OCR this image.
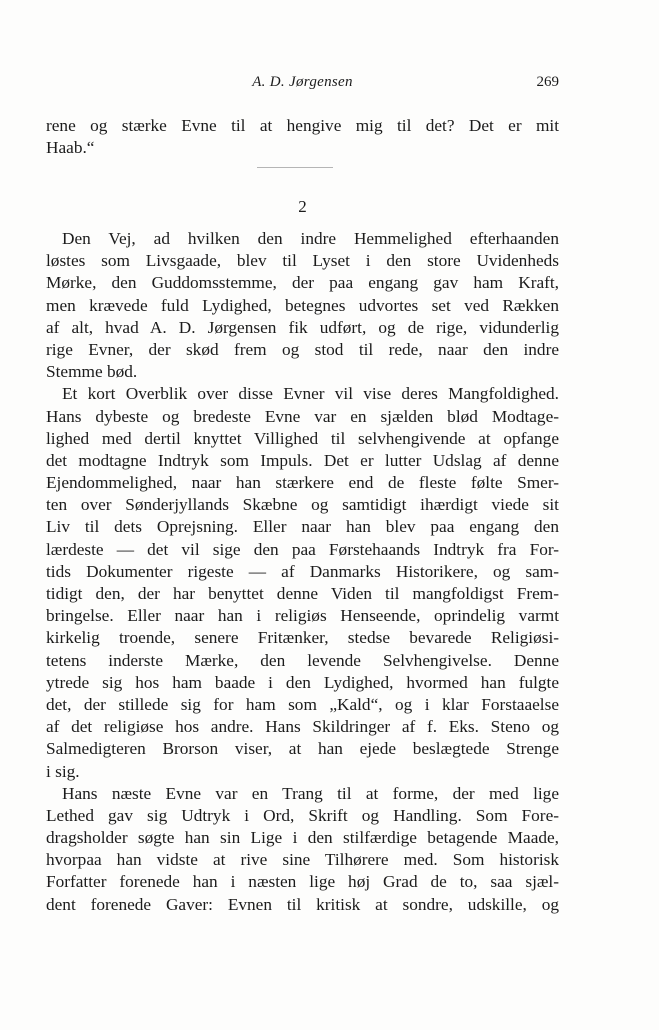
A. D. Jørgensen	269
rene og stærke Evne til at hengive mig til det? Det er mit
Haab.“
2
Den Vej, ad hvilken den indre Hemmelighed efterhaanden
løstes som Livsgaade, blev til Lyset i den store Uvidenheds
Mørke, den Guddomsstemme, der paa engang gav ham Kraft,
men krævede fuld Lydighed, betegnes udvortes set ved Rækken
af alt, hvad A. D. Jørgensen fik udført, og de rige, vidunderlig
rige Evner, der skød frem og stod til rede, naar den indre
Stemme bød.
Et kort Overblik over disse Evner vil vise deres Mangfoldighed.
Hans dybeste og bredeste Evne var en sjælden blød Modtage-
lighed med dertil knyttet Villighed til selvhengivende at opfange
det modtagne Indtryk som Impuls. Det er lutter Udslag af denne
Ejendommelighed, naar han stærkere end de fleste følte Smer-
ten over Sønderjyllands Skæbne og samtidigt ihærdigt viede sit
Liv til dets Oprejsning. Eller naar han blev paa engang den
lærdeste — det vil sige den paa Førstehaands Indtryk fra For-
tids Dokumenter rigeste — af Danmarks Historikere, og sam-
tidigt den, der har benyttet denne Viden til mangfoldigst Frem-
bringelse. Eller naar han i religiøs Henseende, oprindelig varmt
kirkelig troende, senere Fritænker, stedse bevarede Religiøsi-
tetens inderste Mærke, den levende Selvhengivelse. Denne
ytrede sig hos ham baade i den Lydighed, hvormed han fulgte
det, der stillede sig for ham som „Kald“, og i klar Forstaaelse
af det religiøse hos andre. Hans Skildringer af f. Eks. Steno og
Salmedigteren Brorson viser, at han ejede beslægtede Strenge
i sig.
Hans næste Evne var en Trang til at forme, der med lige
Lethed gav sig Udtryk i Ord, Skrift og Handling. Som Fore-
dragsholder søgte han sin Lige i den stilfærdige betagende Maade,
hvorpaa han vidste at rive sine Tilhørere med. Som historisk
Forfatter forenede han i næsten lige høj Grad de to, saa sjæl-
dent forenede Gaver: Evnen til kritisk at sondre, udskille, og
